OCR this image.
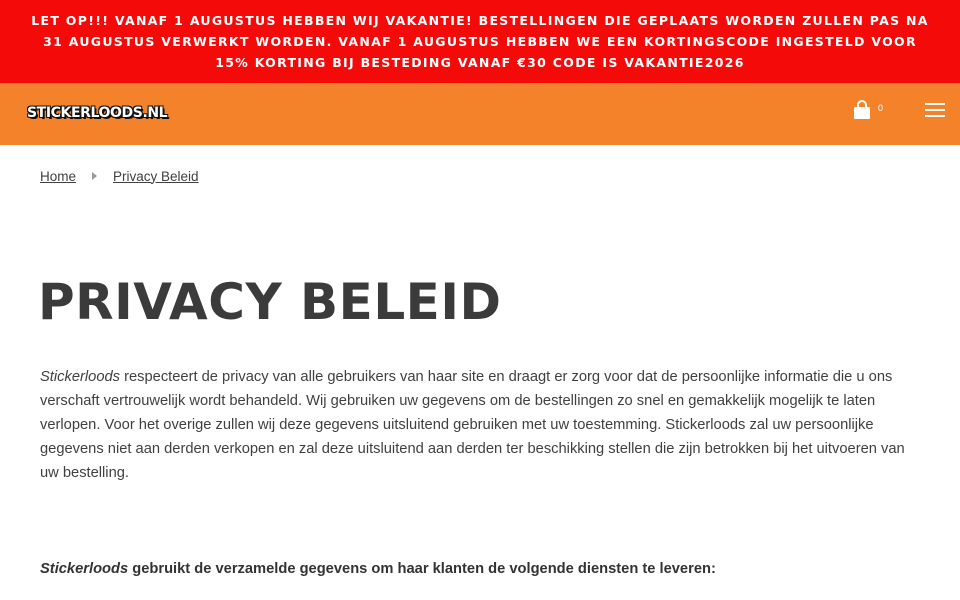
LET OP!!! VANAF 1 AUGUSTUS HEBBEN WIJ VAKANTIE! BESTELLINGEN DIE GEPLAATS WORDEN ZULLEN PAS NA 31 AUGUSTUS VERWERKT WORDEN. VANAF 1 AUGUSTUS HEBBEN WE EEN KORTINGSCODE INGESTELD VOOR 15% KORTING BIJ BESTEDING VANAF €30 CODE IS VAKANTIE2026

STICKERLOODS.NL	0
Home	Privacy Beleid
PRIVACY BELEID

Stickerloods respecteert de privacy van alle gebruikers van haar site en draagt er zorg voor dat de persoonlijke informatie die u ons verschaft vertrouwelijk wordt behandeld. Wij gebruiken uw gegevens om de bestellingen zo snel en gemakkelijk mogelijk te laten verlopen. Voor het overige zullen wij deze gegevens uitsluitend gebruiken met uw toestemming. Stickerloods zal uw persoonlijke gegevens niet aan derden verkopen en zal deze uitsluitend aan derden ter beschikking stellen die zijn betrokken bij het uitvoeren van uw bestelling.

Stickerloods gebruikt de verzamelde gegevens om haar klanten de volgende diensten te leveren:
